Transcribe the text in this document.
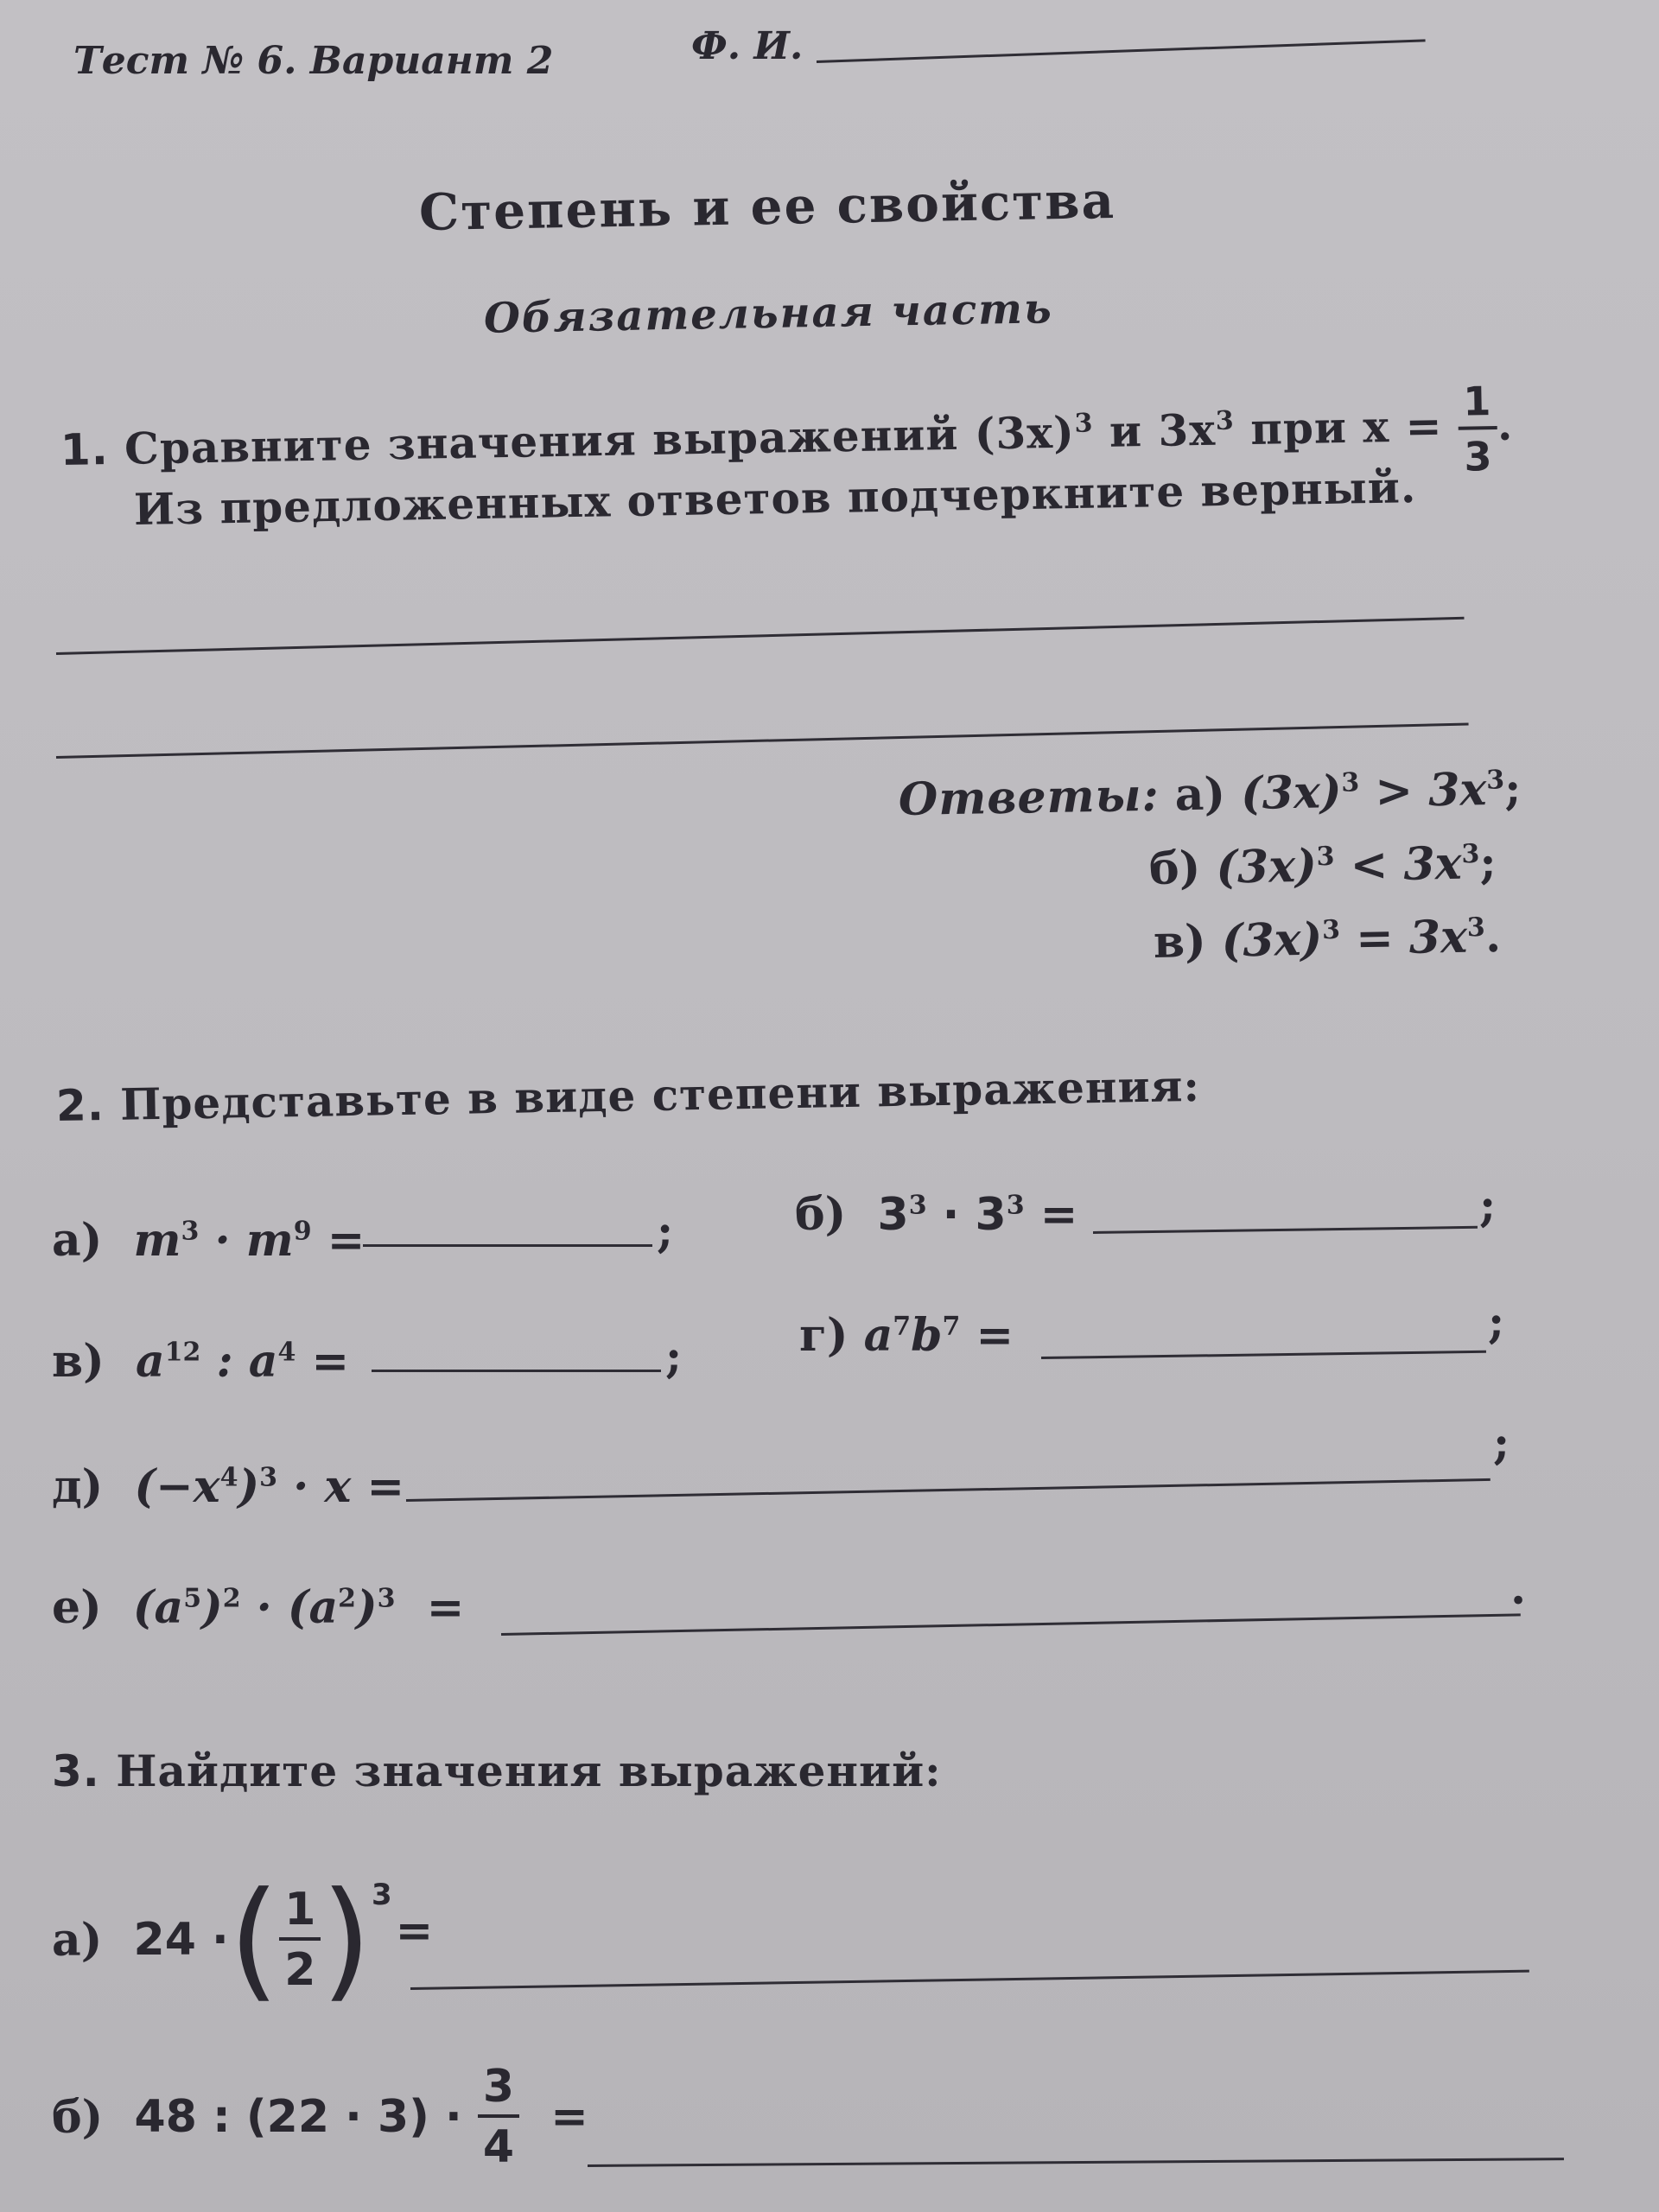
Тест № 6. Вариант 2	Ф. И.
Степень и ее свойства
Обязательная часть
1. Сравните значения выражений $(3x)^3$ и $3x^3$ при x =
$\frac{1}{3}$
.
Из предложенных ответов подчеркните верный.
Ответы: а) $(3x)^3 > 3x^3$;
б) $(3x)^3 < 3x^3$;
в) $(3x)^3 = 3x^3$.
2. Представьте в виде степени выражения:
а) $m^3 \cdot m^9$ =	;	б) $3^3 \cdot 3^3$ =	;
в) $a^{12}$ : $a^4$ =	;	г) $a^7b^7$ =	;
д) $(-x^4)^3 \cdot x$ =
;
е) $(a^5)^2 \cdot (a^2)^3$  =	.
3. Найдите значения выражений:
а)
24 · ( $\frac{1}{2} )^3$
=
б)
48 : (22 · 3) ·
$\frac{3}{4}$
=
